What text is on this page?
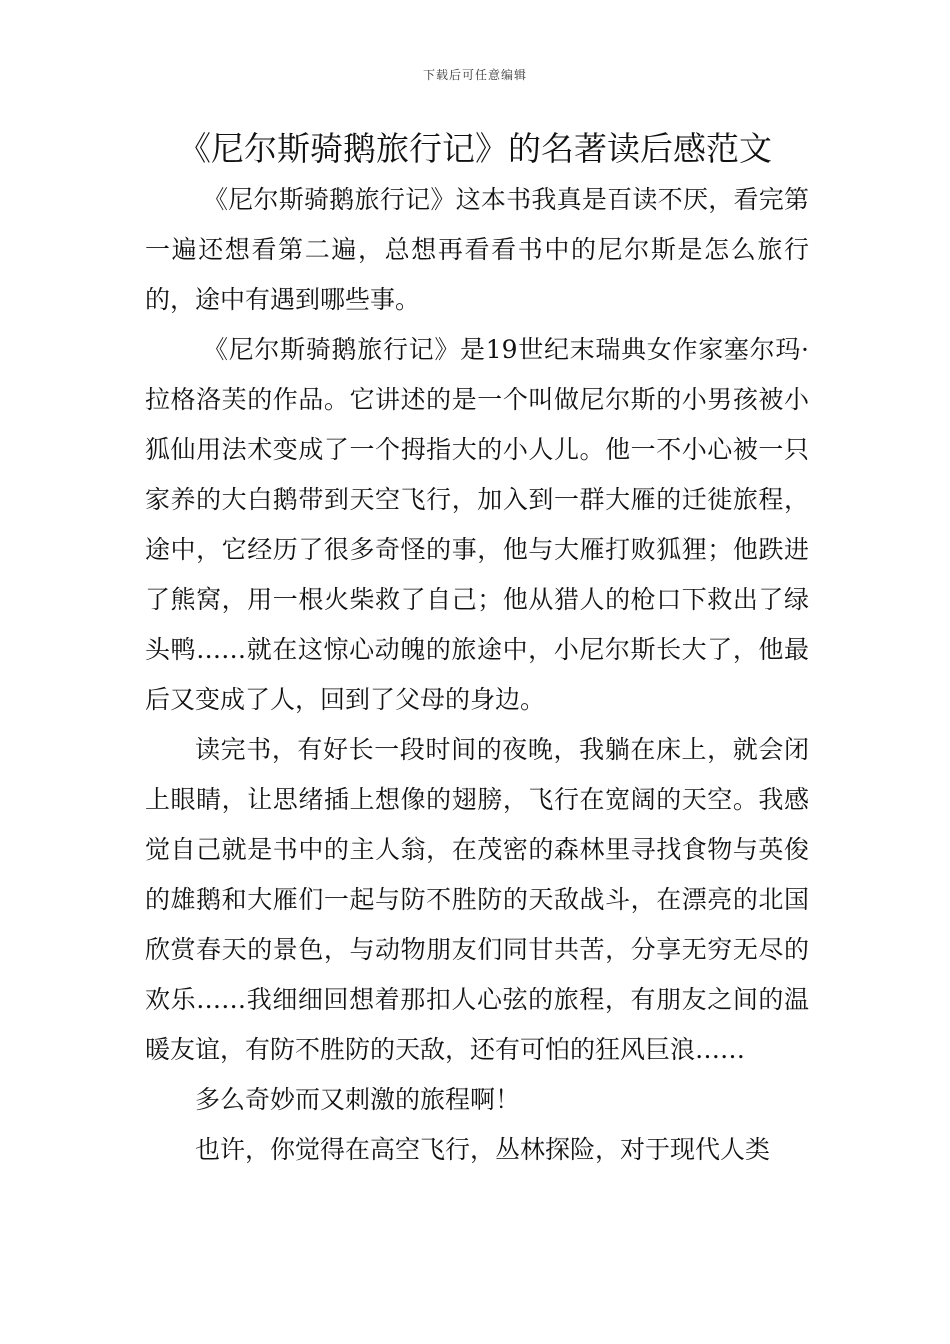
下载后可任意编辑
《尼尔斯骑鹅旅行记》的名著读后感范文

《尼尔斯骑鹅旅行记》这本书我真是百读不厌，看完第一遍还想看第二遍，总想再看看书中的尼尔斯是怎么旅行的，途中有遇到哪些事。

《尼尔斯骑鹅旅行记》是19世纪末瑞典女作家塞尔玛·拉格洛芙的作品。它讲述的是一个叫做尼尔斯的小男孩被小狐仙用法术变成了一个拇指大的小人儿。他一不小心被一只家养的大白鹅带到天空飞行，加入到一群大雁的迁徙旅程，途中，它经历了很多奇怪的事，他与大雁打败狐狸；他跌进了熊窝，用一根火柴救了自己；他从猎人的枪口下救出了绿头鸭……就在这惊心动魄的旅途中，小尼尔斯长大了，他最后又变成了人，回到了父母的身边。

读完书，有好长一段时间的夜晚，我躺在床上，就会闭上眼睛，让思绪插上想像的翅膀，飞行在宽阔的天空。我感觉自己就是书中的主人翁，在茂密的森林里寻找食物与英俊的雄鹅和大雁们一起与防不胜防的天敌战斗，在漂亮的北国欣赏春天的景色，与动物朋友们同甘共苦，分享无穷无尽的欢乐……我细细回想着那扣人心弦的旅程，有朋友之间的温暖友谊，有防不胜防的天敌，还有可怕的狂风巨浪……

多么奇妙而又刺激的旅程啊！

也许，你觉得在高空飞行，丛林探险，对于现代人类
